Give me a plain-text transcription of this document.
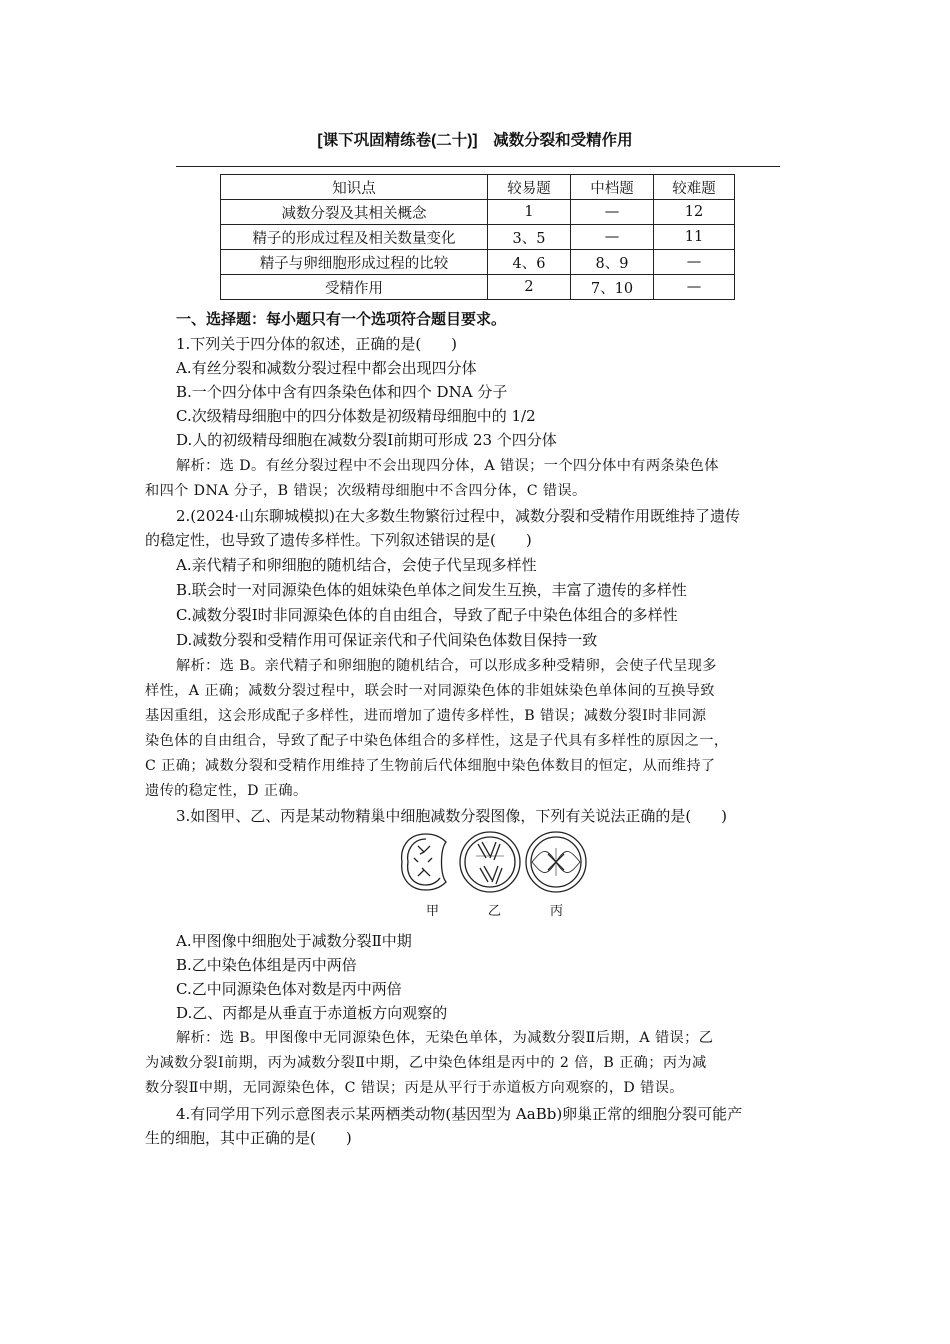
[课下巩固精练卷(二十)]　减数分裂和受精作用
知识点	较易题	中档题	较难题
减数分裂及其相关概念	1	—	12
精子的形成过程及相关数量变化	3、5	—	11
精子与卵细胞形成过程的比较	4、6	8、9	—
受精作用	2	7、10	—
一、选择题：每小题只有一个选项符合题目要求。
1.下列关于四分体的叙述，正确的是(　　)
A.有丝分裂和减数分裂过程中都会出现四分体
B.一个四分体中含有四条染色体和四个 DNA 分子
C.次级精母细胞中的四分体数是初级精母细胞中的 1/2
D.人的初级精母细胞在减数分裂Ⅰ前期可形成 23 个四分体
解析：选 D。有丝分裂过程中不会出现四分体，A 错误；一个四分体中有两条染色体
和四个 DNA 分子，B 错误；次级精母细胞中不含四分体，C 错误。
2.(2024·山东聊城模拟)在大多数生物繁衍过程中，减数分裂和受精作用既维持了遗传
的稳定性，也导致了遗传多样性。下列叙述错误的是(　　)
A.亲代精子和卵细胞的随机结合，会使子代呈现多样性
B.联会时一对同源染色体的姐妹染色单体之间发生互换，丰富了遗传的多样性
C.减数分裂Ⅰ时非同源染色体的自由组合，导致了配子中染色体组合的多样性
D.减数分裂和受精作用可保证亲代和子代间染色体数目保持一致
解析：选 B。亲代精子和卵细胞的随机结合，可以形成多种受精卵，会使子代呈现多
样性，A 正确；减数分裂过程中，联会时一对同源染色体的非姐妹染色单体间的互换导致
基因重组，这会形成配子多样性，进而增加了遗传多样性，B 错误；减数分裂Ⅰ时非同源
染色体的自由组合，导致了配子中染色体组合的多样性，这是子代具有多样性的原因之一，
C 正确；减数分裂和受精作用维持了生物前后代体细胞中染色体数目的恒定，从而维持了
遗传的稳定性，D 正确。
3.如图甲、乙、丙是某动物精巢中细胞减数分裂图像，下列有关说法正确的是(　　)
甲	乙	丙
A.甲图像中细胞处于减数分裂Ⅱ中期
B.乙中染色体组是丙中两倍
C.乙中同源染色体对数是丙中两倍
D.乙、丙都是从垂直于赤道板方向观察的
解析：选 B。甲图像中无同源染色体，无染色单体，为减数分裂Ⅱ后期，A 错误；乙
为减数分裂Ⅰ前期，丙为减数分裂Ⅱ中期，乙中染色体组是丙中的 2 倍，B 正确；丙为减
数分裂Ⅱ中期，无同源染色体，C 错误；丙是从平行于赤道板方向观察的，D 错误。
4.有同学用下列示意图表示某两栖类动物(基因型为 AaBb)卵巢正常的细胞分裂可能产
生的细胞，其中正确的是(　　)
